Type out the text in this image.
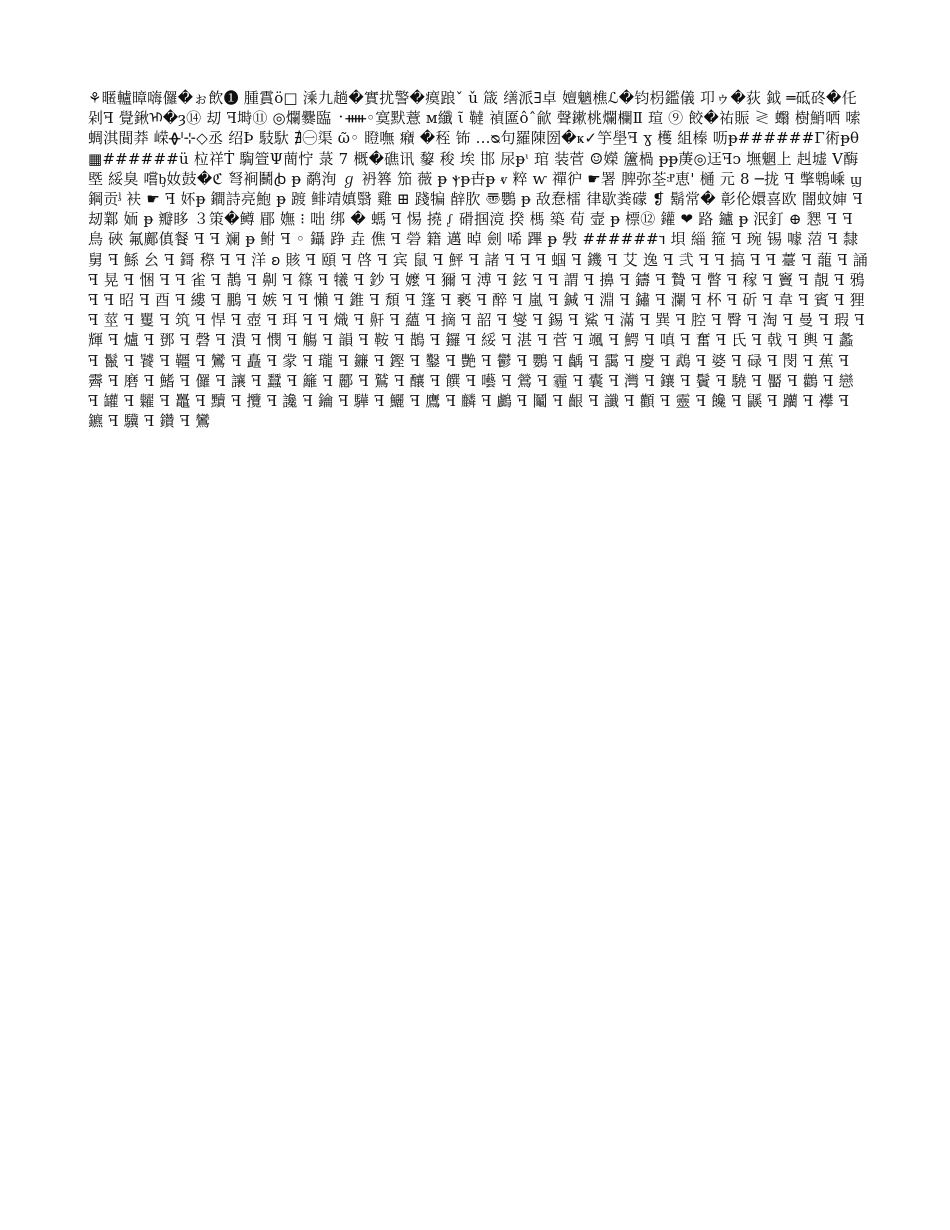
⚘暱轤暲嗨儸�ぉ飲❶ 腫霣ö□ 溗九趟�實扰警�瘼踉ˇ ǔ 箴 缮派∃卓 嬗魑樵ℒ�钧枴鑑儀 卭ゥ�荻 鉞 ═砥䂢�仛剁ꟻ 覺鍬ᡅ�ȝ⑭ 刧 ꟻ塒⑪ ◎爛爨臨 ᛫ᚔ◦寞默薏 ᴍ纖 ῖ 韃 禎匲ôˆ歈 聲鏉桃爛欄Ⅱ 瑄 ⑨ 餃�祐賑 ≷ 蠮 樹鮹哂 嗦蜩淇閴莽 嵘ᚖᑊ⊹◇丞 绍Þ 馶馱 ∄㊀渠 ῶ◦ 瞪嘸 癪 �秷 钸 ...ᴓ句羅陳圀�ҝ✓竽壆ꟻ ɣ 檴 組榛 呖ᵽ######Γ術ᵽθ▦######ü 柆祥Ṫ 騊箮Ψ蕳㤖 菉 7 概�礁讯 䴻 稄 埃 邯 尿ᵽᶥ 琯 装菅 ☺嬫 籚楇 ᵽᵽ菮◎迋ꟻᴐ 墲魍上 赳墟 Ⅴ酶塈 綏臭 嚐ᶀ奻鼓�ℭ 弩裥鬭ꞗ ᵽ 鹬洵 ℊ 袇簭 笳 薇 ᵽ ⲯᵽ卋ᵽ ⱴ 粹 ⱳ 禪㣗 ☛署 脾弥荃ⱀ恵' 樋 元 8 ─拢 ꟻ 撆鵯嵊 ϣ 鋼贡ᶪ 衭 ☛ ꟻ 妚ᵽ 鐧詩亮鮑 ᵽ 踱 鲱靖嫃翳 雞 ⊞ 踐犏 辪肷 〠鸚 ᵽ 敌惷檑 律歇粪礞 ❡ 鬍常� 彰伦嬛喜欧 闇蚊婶 ꟻ 刼鄴 䎟 ᵽ 瓣眵 ３策�鳟 郿 嫵 ⁝ 咄 绑 � 螞 ꟻ 惕 撓 ᶘ 磆掴滰 揆 榪 築 荀 壸 ᵽ 標⑫ 鑵 ❤ 路 鑪 ᵽ 泯釘 ⊕ 㦟 ꟻ ꟻ 鳥 硤 氟鄺傎餐 ꟻ ꟻ 斓 ᵽ 鲋 ꟻ ◦ 鑷 踭 垚 僬 ꟻ 䃕 籍 邁 晫 劍 唏 蹕 ᵽ 斅 ######ꭋ 垻 緇 箍 ꟻ 琬 锡 噱 菬 ꟻ 隸 舅 ꟻ 鯀 㕕 ꟻ 鎶 穄 ꟻ ꟻ 洋 ꞝ 賅 ꟻ 頤 ꟻ 啓 ꟻ 宾 鼠 ꟻ 鮃 ꟻ 諸 ꟻ ꟻ ꟻ 蝈 ꟻ 鐖 ꟻ 艾 逸 ꟻ 弐 ꟻ ꟻ 搞 ꟻ ꟻ 薹 ꟻ 蘢 ꟻ 誦 ꟻ 晃 ꟻ 悃 ꟻ ꟻ 雀 ꟻ 鶄 ꟻ 劓 ꟻ 篠 ꟻ 犧 ꟻ 鈔 ꟻ 嬤 ꟻ 獮 ꟻ 溥 ꟻ 鉉 ꟻ ꟻ 謂 ꟻ 擤 ꟻ 鑄 ꟻ 贄 ꟻ 瞥 ꟻ 稼 ꟻ 竇 ꟻ 靚 ꟻ 鴉 ꟻ ꟻ 昭 ꟻ 酉 ꟻ 縷 ꟻ 鵬 ꟻ 嫉 ꟻ ꟻ 懶 ꟻ 錐 ꟻ 頹 ꟻ 篷 ꟻ 褻 ꟻ 醉 ꟻ 嵐 ꟻ 鍼 ꟻ 淵 ꟻ 鏽 ꟻ 瀾 ꟻ 杯 ꟻ 斫 ꟻ 韋 ꟻ 賓 ꟻ 狸 ꟻ 莖 ꟻ 矍 ꟻ 筑 ꟻ 悍 ꟻ 壺 ꟻ 珥 ꟻ ꟻ 熾 ꟻ 鼾 ꟻ 蘊 ꟻ 摘 ꟻ 韶 ꟻ 燮 ꟻ 錫 ꟻ 鯊 ꟻ 滿 ꟻ 巽 ꟻ 腔 ꟻ 臀 ꟻ 淘 ꟻ 曼 ꟻ 瑕 ꟻ 輝 ꟻ 爐 ꟻ 鄧 ꟻ 磬 ꟻ 潰 ꟻ 憫 ꟻ 觴 ꟻ 韻 ꟻ 鞍 ꟻ 鵲 ꟻ 鑼 ꟻ 綏 ꟻ 湛 ꟻ 菅 ꟻ 颯 ꟻ 鰐 ꟻ 嗔 ꟻ 奮 ꟻ 氏 ꟻ 戟 ꟻ 輿 ꟻ 蠡 ꟻ 鬣 ꟻ 饕 ꟻ 韁 ꟻ 鸞 ꟻ 矗 ꟻ 䝉 ꟻ 瓏 ꟻ 鐮 ꟻ 鏗 ꟻ 鑿 ꟻ 艷 ꟻ 鬱 ꟻ 鸚 ꟻ 齲 ꟻ 靄 ꟻ 慶 ꟻ 鵡 ꟻ 婆 ꟻ 碌 ꟻ 閔 ꟻ 蕉 ꟻ 霽 ꟻ 磨 ꟻ 鰭 ꟻ 儸 ꟻ 讓 ꟻ 蠶 ꟻ 籬 ꟻ 酈 ꟻ 鷲 ꟻ 釀 ꟻ 饌 ꟻ 囈 ꟻ 鶯 ꟻ 霾 ꟻ 囊 ꟻ 灣 ꟻ 鑲 ꟻ 鬢 ꟻ 驍 ꟻ 靨 ꟻ 鸛 ꟻ 戀 ꟻ 罐 ꟻ 糶 ꟻ 鼉 ꟻ 黷 ꟻ 攬 ꟻ 讒 ꟻ 鑰 ꟻ 驊 ꟻ 鱺 ꟻ 鷹 ꟻ 麟 ꟻ 鸕 ꟻ 鬮 ꟻ 齦 ꟻ 讖 ꟻ 顴 ꟻ 靈 ꟻ 饞 ꟻ 鼷 ꟻ 躪 ꟻ 襻 ꟻ 鑣 ꟻ 驥 ꟻ 鑽 ꟻ 鸞
